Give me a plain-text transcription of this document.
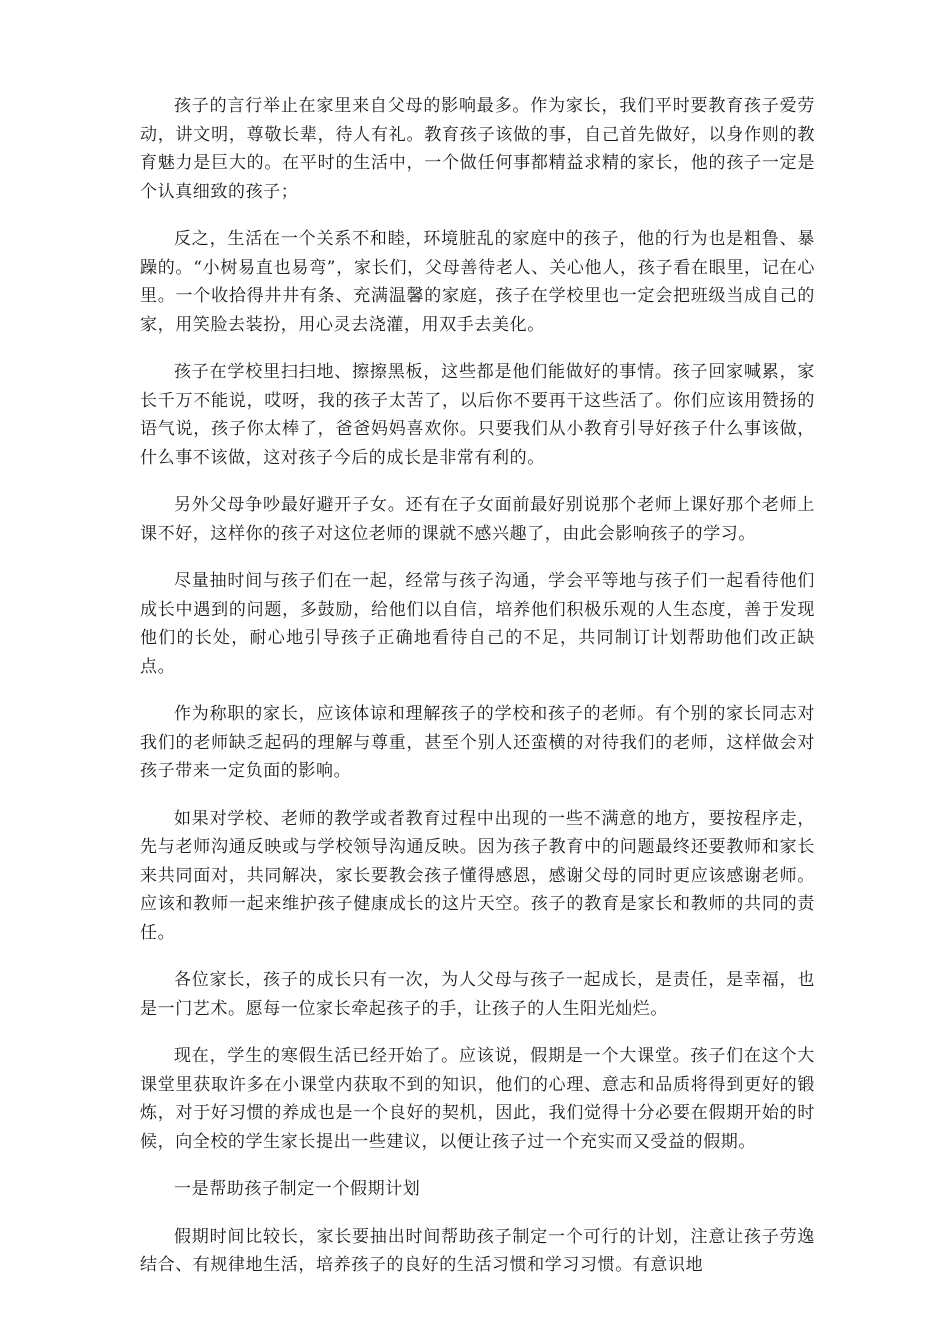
孩子的言行举止在家里来自父母的影响最多。作为家长，我们平时要教育孩子爱劳动，讲文明，尊敬长辈，待人有礼。教育孩子该做的事，自己首先做好，以身作则的教育魅力是巨大的。在平时的生活中，一个做任何事都精益求精的家长，他的孩子一定是个认真细致的孩子；

反之，生活在一个关系不和睦，环境脏乱的家庭中的孩子，他的行为也是粗鲁、暴躁的。“小树易直也易弯”，家长们，父母善待老人、关心他人，孩子看在眼里，记在心里。一个收拾得井井有条、充满温馨的家庭，孩子在学校里也一定会把班级当成自己的家，用笑脸去装扮，用心灵去浇灌，用双手去美化。

孩子在学校里扫扫地、擦擦黑板，这些都是他们能做好的事情。孩子回家喊累，家长千万不能说，哎呀，我的孩子太苦了，以后你不要再干这些活了。你们应该用赞扬的语气说，孩子你太棒了，爸爸妈妈喜欢你。只要我们从小教育引导好孩子什么事该做，什么事不该做，这对孩子今后的成长是非常有利的。

另外父母争吵最好避开子女。还有在子女面前最好别说那个老师上课好那个老师上课不好，这样你的孩子对这位老师的课就不感兴趣了，由此会影响孩子的学习。

尽量抽时间与孩子们在一起，经常与孩子沟通，学会平等地与孩子们一起看待他们成长中遇到的问题，多鼓励，给他们以自信，培养他们积极乐观的人生态度，善于发现他们的长处，耐心地引导孩子正确地看待自己的不足，共同制订计划帮助他们改正缺点。

作为称职的家长，应该体谅和理解孩子的学校和孩子的老师。有个别的家长同志对我们的老师缺乏起码的理解与尊重，甚至个别人还蛮横的对待我们的老师，这样做会对孩子带来一定负面的影响。

如果对学校、老师的教学或者教育过程中出现的一些不满意的地方，要按程序走，先与老师沟通反映或与学校领导沟通反映。因为孩子教育中的问题最终还要教师和家长来共同面对，共同解决，家长要教会孩子懂得感恩，感谢父母的同时更应该感谢老师。应该和教师一起来维护孩子健康成长的这片天空。孩子的教育是家长和教师的共同的责任。

各位家长，孩子的成长只有一次，为人父母与孩子一起成长，是责任，是幸福，也是一门艺术。愿每一位家长牵起孩子的手，让孩子的人生阳光灿烂。

现在，学生的寒假生活已经开始了。应该说，假期是一个大课堂。孩子们在这个大课堂里获取许多在小课堂内获取不到的知识，他们的心理、意志和品质将得到更好的锻炼，对于好习惯的养成也是一个良好的契机，因此，我们觉得十分必要在假期开始的时候，向全校的学生家长提出一些建议，以便让孩子过一个充实而又受益的假期。

一是帮助孩子制定一个假期计划

假期时间比较长，家长要抽出时间帮助孩子制定一个可行的计划，注意让孩子劳逸结合、有规律地生活，培养孩子的良好的生活习惯和学习习惯。有意识地
